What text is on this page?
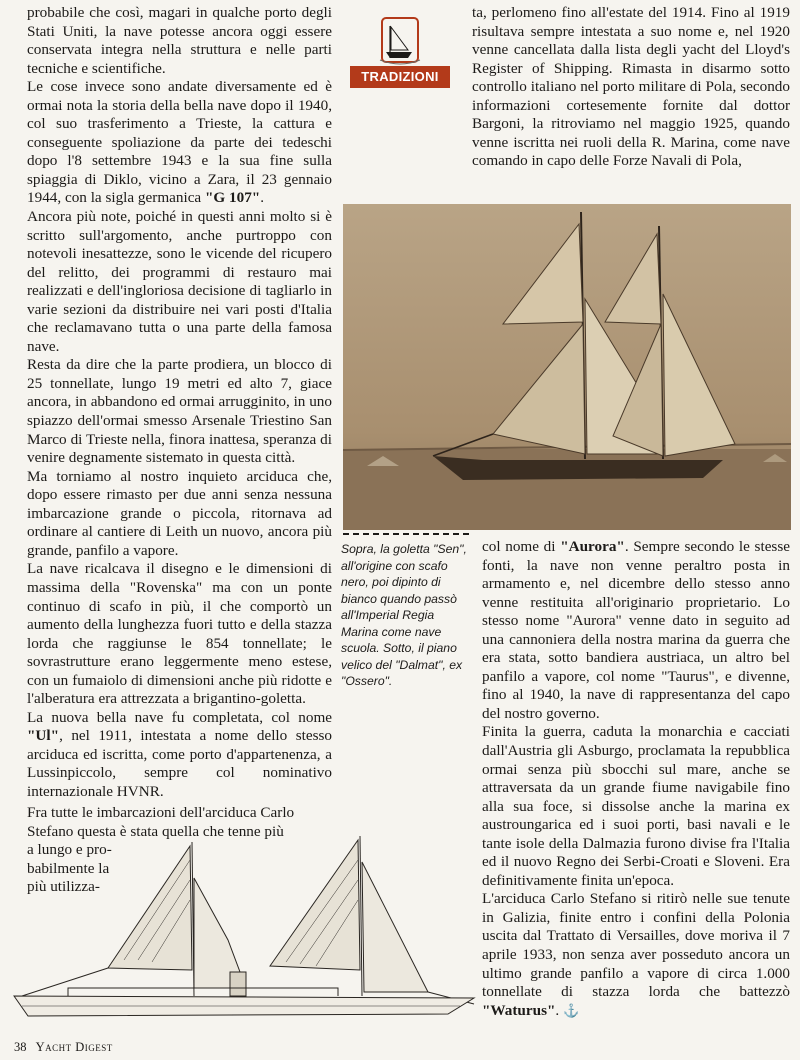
probabile che così, magari in qualche porto degli Stati Uniti, la nave potesse ancora oggi essere conservata integra nella struttura e nelle parti tecniche e scientifiche.

Le cose invece sono andate diversamente ed è ormai nota la storia della bella nave dopo il 1940, col suo trasferimento a Trieste, la cattura e conseguente spoliazione da parte dei tedeschi dopo l'8 settembre 1943 e la sua fine sulla spiaggia di Diklo, vicino a Zara, il 23 gennaio 1944, con la sigla germanica "G 107".

Ancora più note, poiché in questi anni molto si è scritto sull'argomento, anche purtroppo con notevoli inesattezze, sono le vicende del ricupero del relitto, dei programmi di restauro mai realizzati e dell'ingloriosa decisione di tagliarlo in varie sezioni da distribuire nei vari posti d'Italia che reclamavano tutta o una parte della famosa nave.

Resta da dire che la parte prodiera, un blocco di 25 tonnellate, lungo 19 metri ed alto 7, giace ancora, in abbandono ed ormai arrugginito, in uno spiazzo dell'ormai smesso Arsenale Triestino San Marco di Trieste nella, finora inattesa, speranza di venire degnamente sistemato in questa città.

Ma torniamo al nostro inquieto arciduca che, dopo essere rimasto per due anni senza nessuna imbarcazione grande o piccola, ritornava ad ordinare al cantiere di Leith un nuovo, ancora più grande, panfilo a vapore.

La nave ricalcava il disegno e le dimensioni di massima della "Rovenska" ma con un ponte continuo di scafo in più, il che comportò un aumento della lunghezza fuori tutto e della stazza lorda che raggiunse le 854 tonnellate; le sovrastrutture erano leggermente meno estese, con un fumaiolo di dimensioni anche più ridotte e l'alberatura era attrezzata a brigantino-goletta.

La nuova bella nave fu completata, col nome "Ul", nel 1911, intestata a nome dello stesso arciduca ed iscritta, come porto d'appartenenza, a Lussinpiccolo, sempre col nominativo internazionale HVNR.

Fra tutte le imbarcazioni dell'arciduca Carlo
Stefano questa è stata quella che tenne più
a lungo e pro-
babilmente la
più utilizza-
TRADIZIONI

ta, perlomeno fino all'estate del 1914. Fino al 1919 risultava sempre intestata a suo nome e, nel 1920 venne cancellata dalla lista degli yacht del Lloyd's Register of Shipping. Rimasta in disarmo sotto controllo italiano nel porto militare di Pola, secondo informazioni cortesemente fornite dal dottor Bargoni, la ritroviamo nel maggio 1925, quando venne iscritta nei ruoli della R. Marina, come nave comando in capo delle Forze Navali di Pola,

Sopra, la goletta "Sen", all'origine con scafo nero, poi dipinto di bianco quando passò all'Imperial Regia Marina come nave scuola. Sotto, il piano velico del "Dalmat", ex "Ossero".

col nome di "Aurora". Sempre secondo le stesse fonti, la nave non venne peraltro posta in armamento e, nel dicembre dello stesso anno venne restituita all'originario proprietario. Lo stesso nome "Aurora" venne dato in seguito ad una cannoniera della nostra marina da guerra che era stata, sotto bandiera austriaca, un altro bel panfilo a vapore, col nome "Taurus", e divenne, fino al 1940, la nave di rappresentanza del capo del nostro governo.

Finita la guerra, caduta la monarchia e cacciati dall'Austria gli Asburgo, proclamata la repubblica ormai senza più sbocchi sul mare, anche se attraversata da un grande fiume navigabile fino alla sua foce, si dissolse anche la marina ex austroungarica ed i suoi porti, basi navali e le tante isole della Dalmazia furono divise fra l'Italia ed il nuovo Regno dei Serbi-Croati e Sloveni. Era definitivamente finita un'epoca.

L'arciduca Carlo Stefano si ritirò nelle sue tenute in Galizia, finite entro i confini della Polonia uscita dal Trattato di Versailles, dove moriva il 7 aprile 1933, non senza aver posseduto ancora un ultimo grande panfilo a vapore di circa 1.000 tonnellate di stazza lorda che battezzò "Waturus". ⚓

38 Yacht Digest
